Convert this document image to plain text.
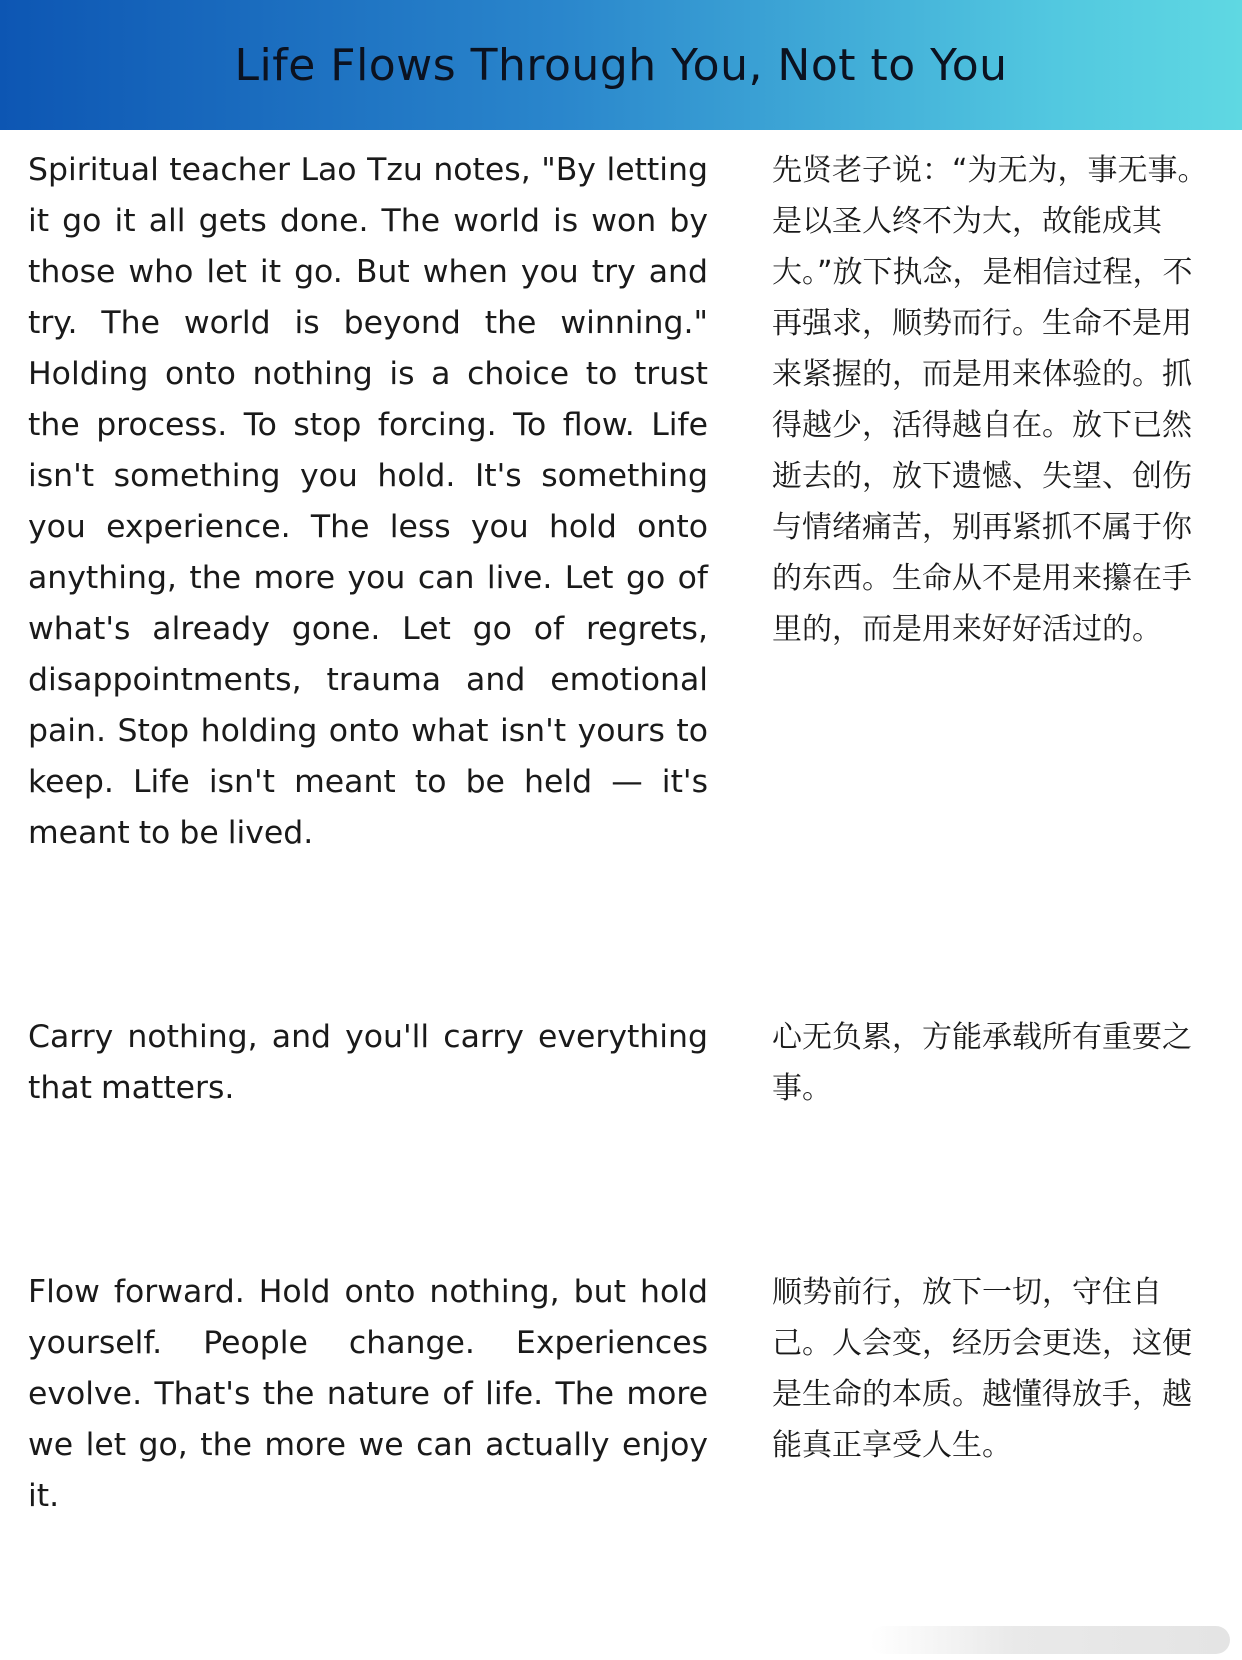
Life Flows Through You, Not to You

Spiritual teacher Lao Tzu notes, "By letting it go it all gets done. The world is won by those who let it go. But when you try and try. The world is beyond the winning." Holding onto nothing is a choice to trust the process. To stop forcing. To flow. Life isn't something you hold. It's something you experience. The less you hold onto anything, the more you can live. Let go of what's already gone. Let go of regrets, disappointments, trauma and emotional pain. Stop holding onto what isn't yours to keep. Life isn't meant to be held — it's meant to be lived.

先贤老子说：“为无为，事无事。是以圣人终不为大，故能成其大。”放下执念，是相信过程，不再强求，顺势而行。生命不是用来紧握的，而是用来体验的。抓得越少，活得越自在。放下已然逝去的，放下遗憾、失望、创伤与情绪痛苦，别再紧抓不属于你的东西。生命从不是用来攥在手里的，而是用来好好活过的。

Carry nothing, and you'll carry everything that matters.

心无负累，方能承载所有重要之事。

Flow forward. Hold onto nothing, but hold yourself. People change. Experiences evolve. That's the nature of life. The more we let go, the more we can actually enjoy it.

顺势前行，放下一切，守住自己。人会变，经历会更迭，这便是生命的本质。越懂得放手，越能真正享受人生。
